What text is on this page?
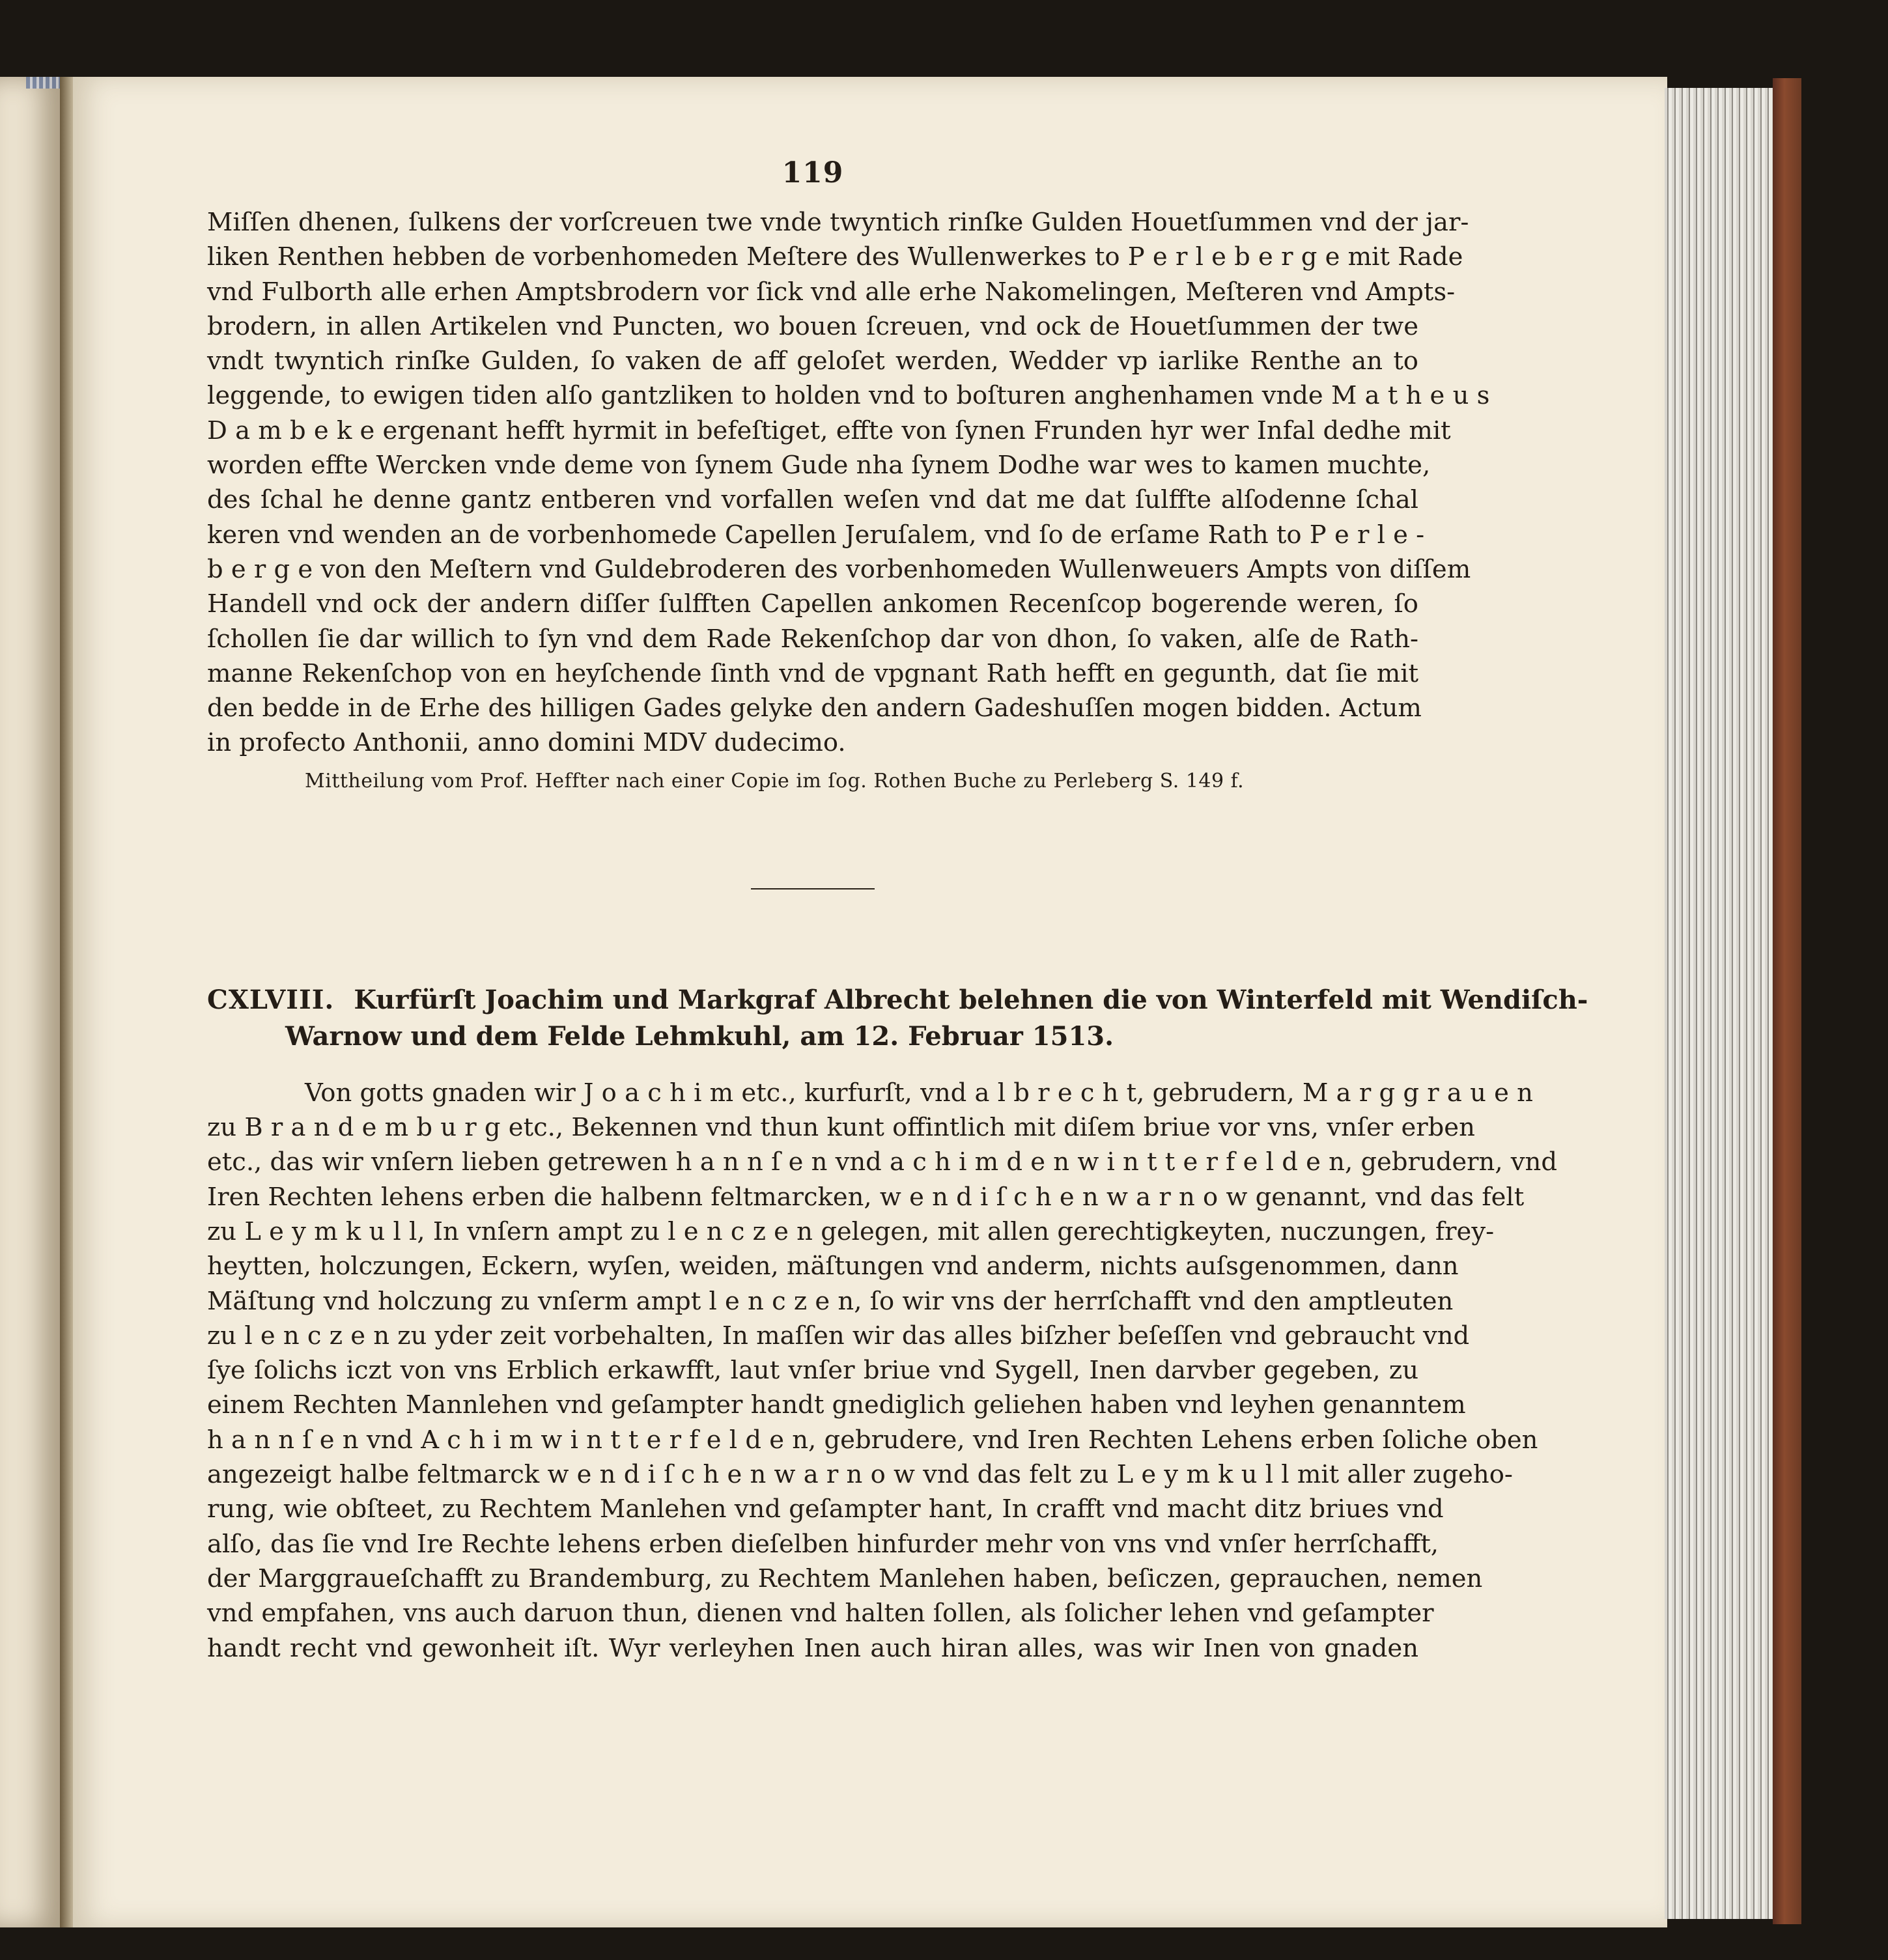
119
Miſſen dhenen, ſulkens der vorſcreuen twe vnde twyntich rinſke Gulden Houetſummen vnd der jar-
liken Renthen hebben de vorbenhomeden Meſtere des Wullenwerkes to P e r l e b e r g e mit Rade
vnd Fulborth alle erhen Amptsbrodern vor ſick vnd alle erhe Nakomelingen, Meſteren vnd Ampts-
brodern, in allen Artikelen vnd Puncten, wo bouen ſcreuen, vnd ock de Houetſummen der twe
vndt twyntich rinſke Gulden, ſo vaken de aff geloſet werden, Wedder vp iarlike Renthe an to
leggende, to ewigen tiden alſo gantzliken to holden vnd to boſturen anghenhamen vnde M a t h e u s
D a m b e k e ergenant hefft hyrmit in befeſtiget, effte von ſynen Frunden hyr wer Infal dedhe mit
worden effte Wercken vnde deme von ſynem Gude nha ſynem Dodhe war wes to kamen muchte,
des ſchal he denne gantz entberen vnd vorfallen weſen vnd dat me dat ſulffte alſodenne ſchal
keren vnd wenden an de vorbenhomede Capellen Jeruſalem, vnd ſo de erſame Rath to P e r l e -
b e r g e von den Meſtern vnd Guldebroderen des vorbenhomeden Wullenweuers Ampts von diſſem
Handell vnd ock der andern diſſer ſulfften Capellen ankomen Recenſcop bogerende weren, ſo
ſchollen ſie dar willich to ſyn vnd dem Rade Rekenſchop dar von dhon, ſo vaken, alſe de Rath-
manne Rekenſchop von en heyſchende ſinth vnd de vpgnant Rath hefft en gegunth, dat ſie mit
den bedde in de Erhe des hilligen Gades gelyke den andern Gadeshuſſen mogen bidden. Actum
in profecto Anthonii, anno domini MDV dudecimo.
Mittheilung vom Prof. Heffter nach einer Copie im ſog. Rothen Buche zu Perleberg S. 149 f.
CXLVIII. Kurfürſt Joachim und Markgraf Albrecht belehnen die von Winterfeld mit Wendiſch-
Warnow und dem Felde Lehmkuhl, am 12. Februar 1513.
Von gotts gnaden wir J o a c h i m etc., kurfurſt, vnd a l b r e c h t, gebrudern, M a r g g r a u e n
zu B r a n d e m b u r g etc., Bekennen vnd thun kunt offintlich mit diſem briue vor vns, vnſer erben
etc., das wir vnſern lieben getrewen h a n n ſ e n vnd a c h i m d e n w i n t t e r f e l d e n, gebrudern, vnd
Iren Rechten lehens erben die halbenn feltmarcken, w e n d i ſ c h e n w a r n o w genannt, vnd das felt
zu L e y m k u l l, In vnſern ampt zu l e n c z e n gelegen, mit allen gerechtigkeyten, nuczungen, frey-
heytten, holczungen, Eckern, wyſen, weiden, mäſtungen vnd anderm, nichts auſsgenommen, dann
Mäſtung vnd holczung zu vnſerm ampt l e n c z e n, ſo wir vns der herrſchafft vnd den amptleuten
zu l e n c z e n zu yder zeit vorbehalten, In maſſen wir das alles biſzher beſeſſen vnd gebraucht vnd
ſye ſolichs iczt von vns Erblich erkawfft, laut vnſer briue vnd Sygell, Inen darvber gegeben, zu
einem Rechten Mannlehen vnd geſampter handt gnediglich geliehen haben vnd leyhen genanntem
h a n n ſ e n vnd A c h i m w i n t t e r f e l d e n, gebrudere, vnd Iren Rechten Lehens erben ſoliche oben
angezeigt halbe feltmarck w e n d i ſ c h e n w a r n o w vnd das felt zu L e y m k u l l mit aller zugeho-
rung, wie obſteet, zu Rechtem Manlehen vnd geſampter hant, In crafft vnd macht ditz briues vnd
alſo, das ſie vnd Ire Rechte lehens erben dieſelben hinfurder mehr von vns vnd vnſer herrſchafft,
der Marggraueſchafft zu Brandemburg, zu Rechtem Manlehen haben, beſiczen, geprauchen, nemen
vnd empfahen, vns auch daruon thun, dienen vnd halten ſollen, als ſolicher lehen vnd geſampter
handt recht vnd gewonheit iſt. Wyr verleyhen Inen auch hiran alles, was wir Inen von gnaden
